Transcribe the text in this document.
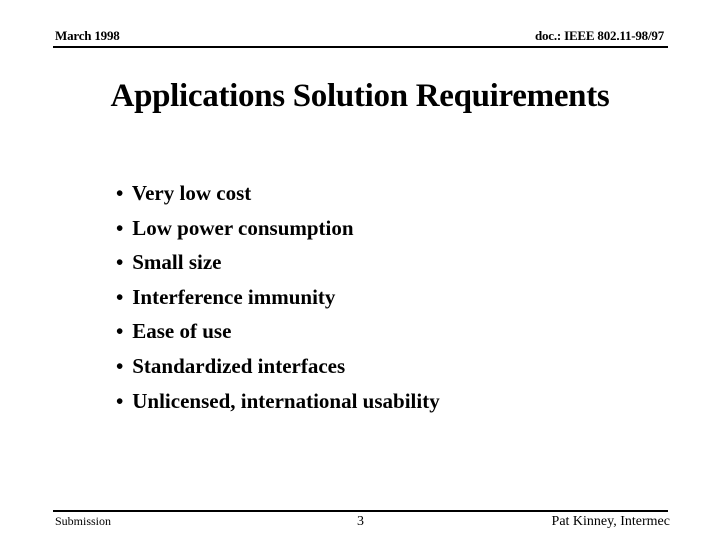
March 1998	doc.: IEEE 802.11-98/97
Applications Solution Requirements
• Very low cost
• Low power consumption
• Small size
• Interference immunity
• Ease of use
• Standardized interfaces
• Unlicensed, international usability
Submission	3	Pat Kinney, Intermec
